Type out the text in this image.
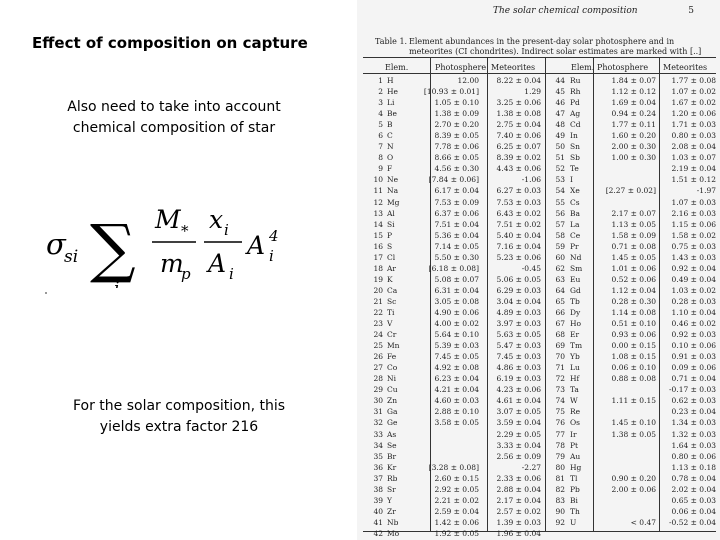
Effect of composition on capture
Also need to take into account chemical composition of star
σ
si ∑ M *
m
p
x i
A i
A 4
i
For the solar composition, this yields extra factor 216
The solar chemical composition	5
Table 1. Element abundances in the present-day solar photosphere and in
meteorites (CI chondrites). Indirect solar estimates are marked with [..]
Elem.	Photosphere Meteorites	Elem. Photosphere Meteorites
1	H	12.00	8.22 ± 0.04	44	Ru	1.84 ± 0.07	1.77 ± 0.08
2	He	[10.93 ± 0.01]	1.29	45	Rh	1.12 ± 0.12	1.07 ± 0.02
3	Li	1.05 ± 0.10	3.25 ± 0.06	46	Pd	1.69 ± 0.04	1.67 ± 0.02
4	Be	1.38 ± 0.09	1.38 ± 0.08	47	Ag	0.94 ± 0.24	1.20 ± 0.06
5	B	2.70 ± 0.20	2.75 ± 0.04	48	Cd	1.77 ± 0.11	1.71 ± 0.03
6	C	8.39 ± 0.05	7.40 ± 0.06	49	In	1.60 ± 0.20	0.80 ± 0.03
7	N	7.78 ± 0.06	6.25 ± 0.07	50	Sn	2.00 ± 0.30	2.08 ± 0.04
8	O	8.66 ± 0.05	8.39 ± 0.02	51	Sb	1.00 ± 0.30	1.03 ± 0.07
9	F	4.56 ± 0.30	4.43 ± 0.06	52	Te		2.19 ± 0.04
10	Ne	[7.84 ± 0.06]	-1.06	53	I		1.51 ± 0.12
11	Na	6.17 ± 0.04	6.27 ± 0.03	54	Xe	[2.27 ± 0.02]	-1.97
12	Mg	7.53 ± 0.09	7.53 ± 0.03	55	Cs		1.07 ± 0.03
13	Al	6.37 ± 0.06	6.43 ± 0.02	56	Ba	2.17 ± 0.07	2.16 ± 0.03
14	Si	7.51 ± 0.04	7.51 ± 0.02	57	La	1.13 ± 0.05	1.15 ± 0.06
15	P	5.36 ± 0.04	5.40 ± 0.04	58	Ce	1.58 ± 0.09	1.58 ± 0.02
16	S	7.14 ± 0.05	7.16 ± 0.04	59	Pr	0.71 ± 0.08	0.75 ± 0.03
17	Cl	5.50 ± 0.30	5.23 ± 0.06	60	Nd	1.45 ± 0.05	1.43 ± 0.03
18	Ar	[6.18 ± 0.08]	-0.45	62	Sm	1.01 ± 0.06	0.92 ± 0.04
19	K	5.08 ± 0.07	5.06 ± 0.05	63	Eu	0.52 ± 0.06	0.49 ± 0.04
20	Ca	6.31 ± 0.04	6.29 ± 0.03	64	Gd	1.12 ± 0.04	1.03 ± 0.02
21	Sc	3.05 ± 0.08	3.04 ± 0.04	65	Tb	0.28 ± 0.30	0.28 ± 0.03
22	Ti	4.90 ± 0.06	4.89 ± 0.03	66	Dy	1.14 ± 0.08	1.10 ± 0.04
23	V	4.00 ± 0.02	3.97 ± 0.03	67	Ho	0.51 ± 0.10	0.46 ± 0.02
24	Cr	5.64 ± 0.10	5.63 ± 0.05	68	Er	0.93 ± 0.06	0.92 ± 0.03
25	Mn	5.39 ± 0.03	5.47 ± 0.03	69	Tm	0.00 ± 0.15	0.10 ± 0.06
26	Fe	7.45 ± 0.05	7.45 ± 0.03	70	Yb	1.08 ± 0.15	0.91 ± 0.03
27	Co	4.92 ± 0.08	4.86 ± 0.03	71	Lu	0.06 ± 0.10	0.09 ± 0.06
28	Ni	6.23 ± 0.04	6.19 ± 0.03	72	Hf	0.88 ± 0.08	0.71 ± 0.04
29	Cu	4.21 ± 0.04	4.23 ± 0.06	73	Ta		-0.17 ± 0.03
30	Zn	4.60 ± 0.03	4.61 ± 0.04	74	W	1.11 ± 0.15	0.62 ± 0.03
31	Ga	2.88 ± 0.10	3.07 ± 0.05	75	Re		0.23 ± 0.04
32	Ge	3.58 ± 0.05	3.59 ± 0.04	76	Os	1.45 ± 0.10	1.34 ± 0.03
33	As		2.29 ± 0.05	77	Ir	1.38 ± 0.05	1.32 ± 0.03
34	Se		3.33 ± 0.04	78	Pt		1.64 ± 0.03
35	Br		2.56 ± 0.09	79	Au		0.80 ± 0.06
36	Kr	[3.28 ± 0.08]	-2.27	80	Hg		1.13 ± 0.18
37	Rb	2.60 ± 0.15	2.33 ± 0.06	81	Tl	0.90 ± 0.20	0.78 ± 0.04
38	Sr	2.92 ± 0.05	2.88 ± 0.04	82	Pb	2.00 ± 0.06	2.02 ± 0.04
39	Y	2.21 ± 0.02	2.17 ± 0.04	83	Bi		0.65 ± 0.03
40	Zr	2.59 ± 0.04	2.57 ± 0.02	90	Th		0.06 ± 0.04
41	Nb	1.42 ± 0.06	1.39 ± 0.03	92	U	< 0.47	-0.52 ± 0.04
42	Mo	1.92 ± 0.05	1.96 ± 0.04				
